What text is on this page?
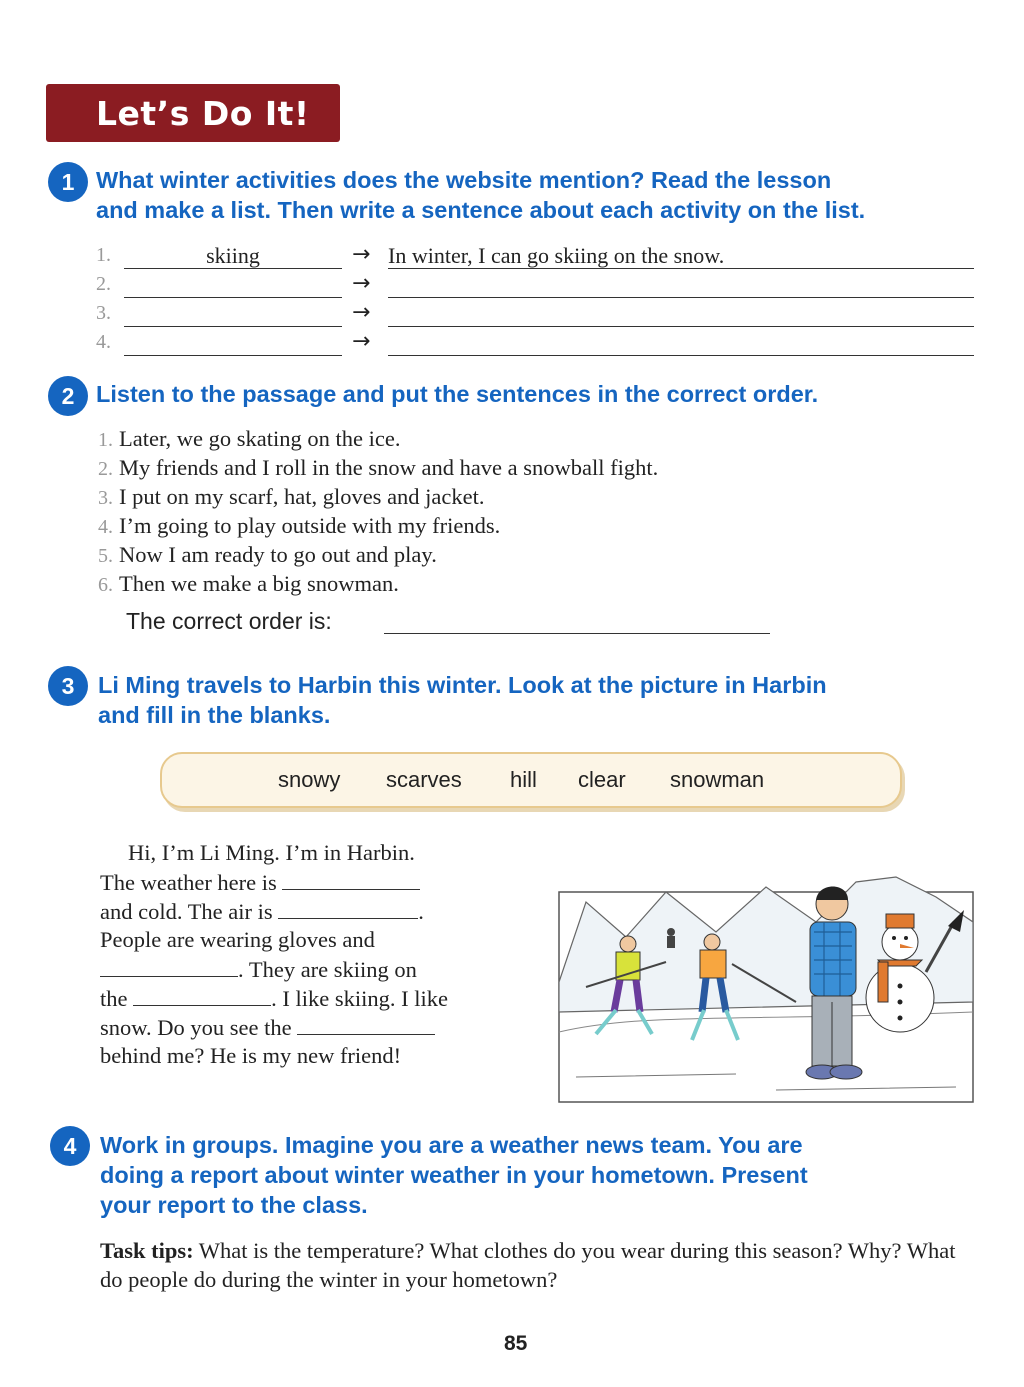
Let’s Do It!
1 What winter activities does the website mention? Read the lesson
and make a list. Then write a sentence about each activity on the list.
1.	skiing	→ In winter, I can go skiing on the snow.
2.	→
3.	→
4.	→
2 Listen to the passage and put the sentences in the correct order.
1. Later, we go skating on the ice.
2. My friends and I roll in the snow and have a snowball fight.
3. I put on my scarf, hat, gloves and jacket.
4. I’m going to play outside with my friends.
5. Now I am ready to go out and play.
6. Then we make a big snowman.
The correct order is:
3	Li Ming travels to Harbin this winter. Look at the picture in Harbin
and fill in the blanks.
snowy scarves hill clear snowman
Hi, I’m Li Ming. I’m in Harbin.
The weather here is
and cold. The air is	.
People are wearing gloves and
. They are skiing on
the	. I like skiing. I like
snow. Do you see the
behind me? He is my new friend!
4	Work in groups. Imagine you are a weather news team. You are
doing a report about winter weather in your hometown. Present
your report to the class.
Task tips: What is the temperature? What clothes do you wear during this season? Why? What do people do during the winter in your hometown?
85
